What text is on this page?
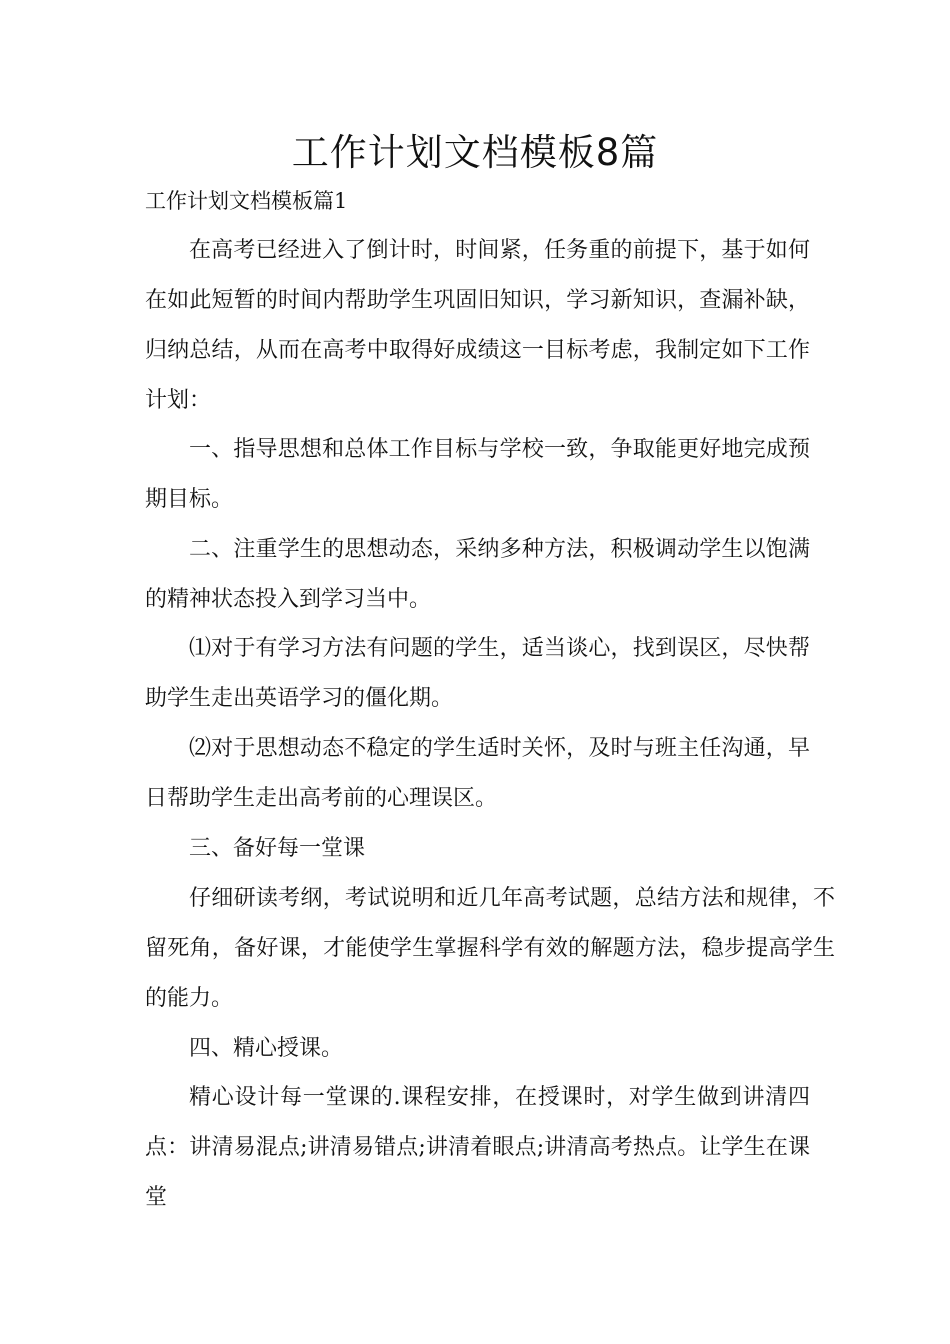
工作计划文档模板8篇
工作计划文档模板篇1

在高考已经进入了倒计时，时间紧，任务重的前提下，基于如何在如此短暂的时间内帮助学生巩固旧知识，学习新知识，查漏补缺，归纳总结，从而在高考中取得好成绩这一目标考虑，我制定如下工作计划：

一、指导思想和总体工作目标与学校一致，争取能更好地完成预期目标。

二、注重学生的思想动态，采纳多种方法，积极调动学生以饱满的精神状态投入到学习当中。

⑴对于有学习方法有问题的学生，适当谈心，找到误区，尽快帮助学生走出英语学习的僵化期。

⑵对于思想动态不稳定的学生适时关怀，及时与班主任沟通，早日帮助学生走出高考前的心理误区。

三、备好每一堂课

仔细研读考纲，考试说明和近几年高考试题，总结方法和规律，不留死角，备好课，才能使学生掌握科学有效的解题方法，稳步提高学生的能力。

四、精心授课。

精心设计每一堂课的.课程安排，在授课时，对学生做到讲清四点：讲清易混点;讲清易错点;讲清着眼点;讲清高考热点。让学生在课堂
